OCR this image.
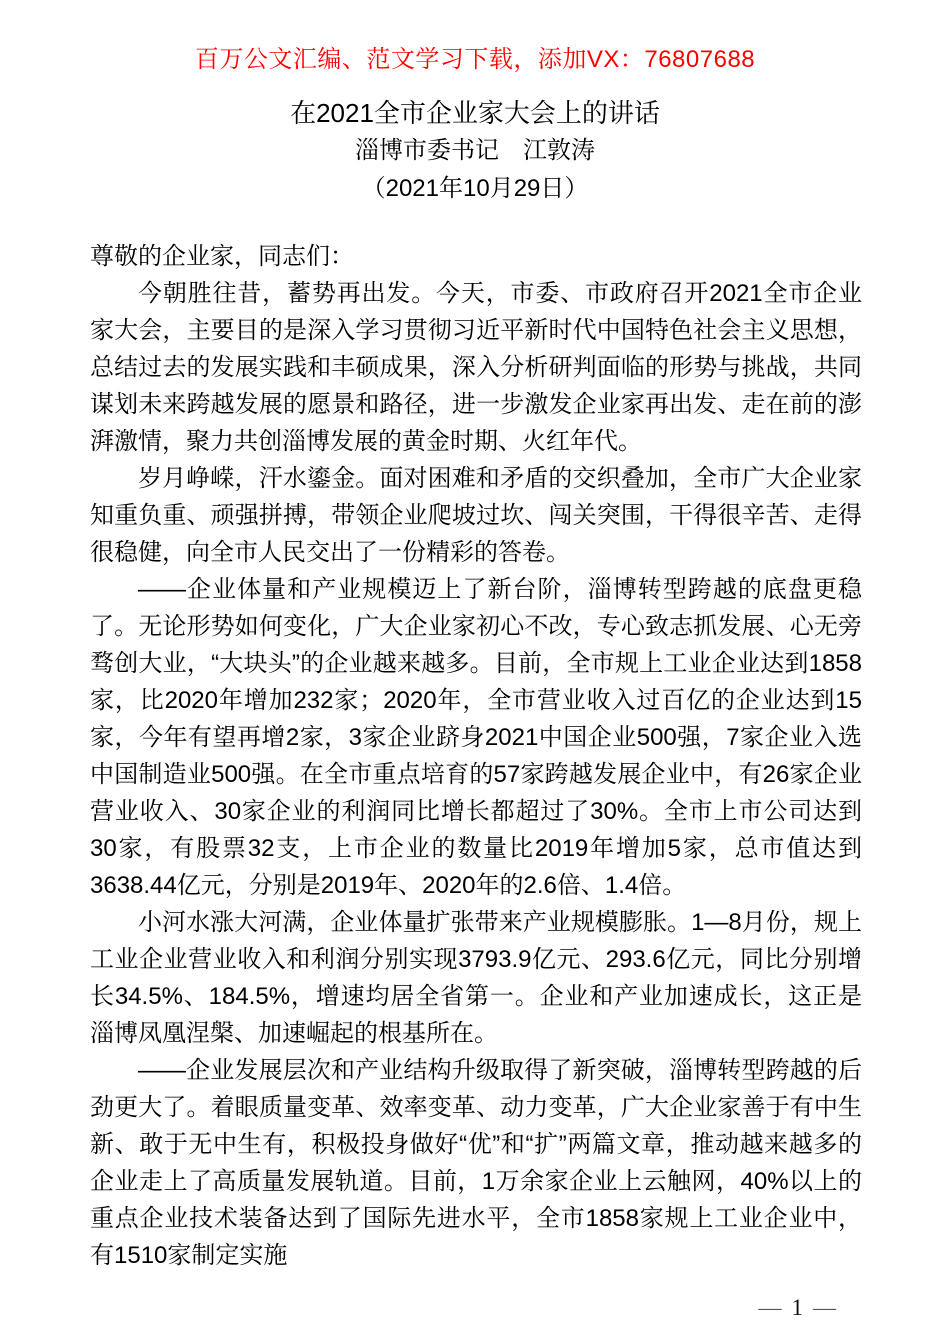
百万公文汇编、范文学习下载，添加VX：76807688
在2021全市企业家大会上的讲话

淄博市委书记　江敦涛

（2021年10月29日）

尊敬的企业家，同志们：

今朝胜往昔，蓄势再出发。今天，市委、市政府召开2021全市企业家大会，主要目的是深入学习贯彻习近平新时代中国特色社会主义思想，总结过去的发展实践和丰硕成果，深入分析研判面临的形势与挑战，共同谋划未来跨越发展的愿景和路径，进一步激发企业家再出发、走在前的澎湃激情，聚力共创淄博发展的黄金时期、火红年代。

岁月峥嵘，汗水鎏金。面对困难和矛盾的交织叠加，全市广大企业家知重负重、顽强拼搏，带领企业爬坡过坎、闯关突围，干得很辛苦、走得很稳健，向全市人民交出了一份精彩的答卷。

——企业体量和产业规模迈上了新台阶，淄博转型跨越的底盘更稳了。无论形势如何变化，广大企业家初心不改，专心致志抓发展、心无旁骛创大业，“大块头”的企业越来越多。目前，全市规上工业企业达到1858家，比2020年增加232家；2020年，全市营业收入过百亿的企业达到15家，今年有望再增2家，3家企业跻身2021中国企业500强，7家企业入选中国制造业500强。在全市重点培育的57家跨越发展企业中，有26家企业营业收入、30家企业的利润同比增长都超过了30%。全市上市公司达到30家，有股票32支，上市企业的数量比2019年增加5家，总市值达到3638.44亿元，分别是2019年、2020年的2.6倍、1.4倍。

小河水涨大河满，企业体量扩张带来产业规模膨胀。1—8月份，规上工业企业营业收入和利润分别实现3793.9亿元、293.6亿元，同比分别增长34.5%、184.5%，增速均居全省第一。企业和产业加速成长，这正是淄博凤凰涅槃、加速崛起的根基所在。

——企业发展层次和产业结构升级取得了新突破，淄博转型跨越的后劲更大了。着眼质量变革、效率变革、动力变革，广大企业家善于有中生新、敢于无中生有，积极投身做好“优”和“扩”两篇文章，推动越来越多的企业走上了高质量发展轨道。目前，1万余家企业上云触网，40%以上的重点企业技术装备达到了国际先进水平，全市1858家规上工业企业中，有1510家制定实施

— 1 —
